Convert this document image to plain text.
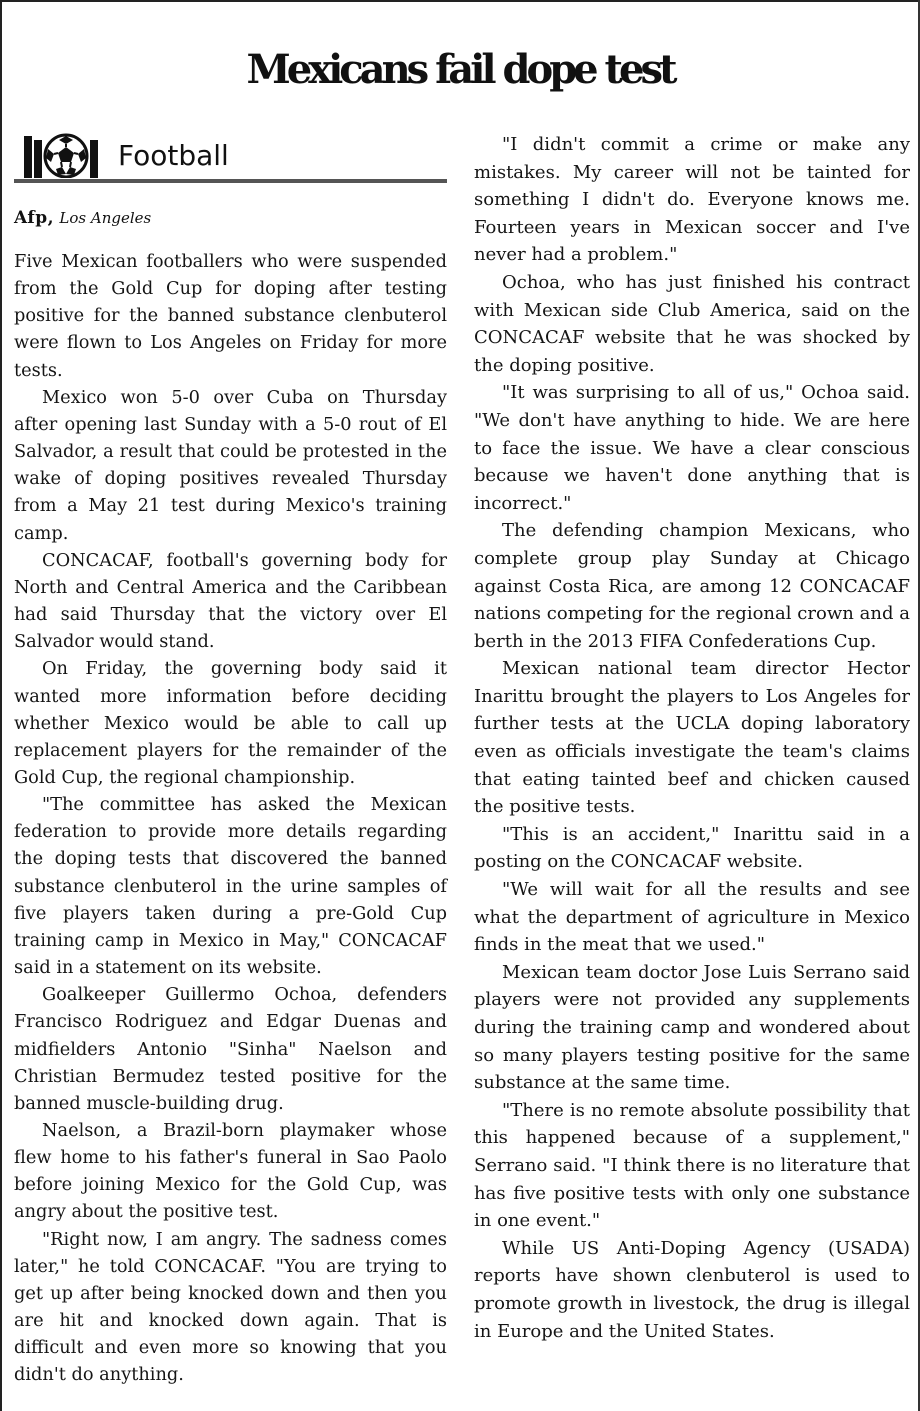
Mexicans fail dope test
Football
Afp, Los Angeles

Five Mexican footballers who were suspended from the Gold Cup for doping after testing positive for the banned substance clenbuterol were flown to Los Angeles on Friday for more tests.

Mexico won 5-0 over Cuba on Thursday after opening last Sunday with a 5-0 rout of El Salvador, a result that could be protested in the wake of doping positives revealed Thursday from a May 21 test during Mexico's training camp.

CONCACAF, football's governing body for North and Central America and the Caribbean had said Thursday that the victory over El Salvador would stand.

On Friday, the governing body said it wanted more information before deciding whether Mexico would be able to call up replacement players for the remainder of the Gold Cup, the regional championship.

"The committee has asked the Mexican federation to provide more details regarding the doping tests that discovered the banned substance clenbuterol in the urine samples of five players taken during a pre-Gold Cup training camp in Mexico in May," CONCACAF said in a statement on its website.

Goalkeeper Guillermo Ochoa, defenders Francisco Rodriguez and Edgar Duenas and midfielders Antonio "Sinha" Naelson and Christian Bermudez tested positive for the banned muscle-building drug.

Naelson, a Brazil-born playmaker whose flew home to his father's funeral in Sao Paolo before joining Mexico for the Gold Cup, was angry about the positive test.

"Right now, I am angry. The sadness comes later," he told CONCACAF. "You are trying to get up after being knocked down and then you are hit and knocked down again. That is difficult and even more so knowing that you didn't do anything.

"I didn't commit a crime or make any mistakes. My career will not be tainted for something I didn't do. Everyone knows me. Fourteen years in Mexican soccer and I've never had a problem."

Ochoa, who has just finished his contract with Mexican side Club America, said on the CONCACAF website that he was shocked by the doping positive.

"It was surprising to all of us," Ochoa said. "We don't have anything to hide. We are here to face the issue. We have a clear conscious because we haven't done anything that is incorrect."

The defending champion Mexicans, who complete group play Sunday at Chicago against Costa Rica, are among 12 CONCACAF nations competing for the regional crown and a berth in the 2013 FIFA Confederations Cup.

Mexican national team director Hector Inarittu brought the players to Los Angeles for further tests at the UCLA doping laboratory even as officials investigate the team's claims that eating tainted beef and chicken caused the positive tests.

"This is an accident," Inarittu said in a posting on the CONCACAF website.

"We will wait for all the results and see what the department of agriculture in Mexico finds in the meat that we used."

Mexican team doctor Jose Luis Serrano said players were not provided any supplements during the training camp and wondered about so many players testing positive for the same substance at the same time.

"There is no remote absolute possibility that this happened because of a supplement," Serrano said. "I think there is no literature that has five positive tests with only one substance in one event."

While US Anti-Doping Agency (USADA) reports have shown clenbuterol is used to promote growth in livestock, the drug is illegal in Europe and the United States.
